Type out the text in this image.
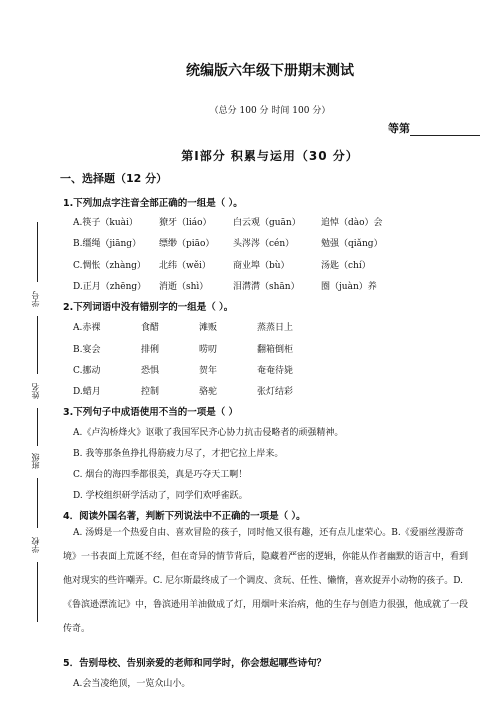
学号
姓名
班级
学校
统编版六年级下册期末测试
（总分 100 分 时间 100 分）
等第
第Ⅰ部分 积累与运用（30 分）
一、选择题（12 分）
1.下列加点字注音全部正确的一组是（ ）。
A.筷子（kuài） 獠牙（liáo） 白云观（guān） 追悼（dào）会
B.缰绳（jiāng） 缥缈（piāo） 头涔涔（cén）	勉强（qiǎng）
C.惆怅（zhàng） 北纬（wěi） 商业埠（bù）	汤匙（chí）
D.正月（zhēng） 消逝（shì）	泪潸潸（shān） 圈（juàn）养
2.下列词语中没有错别字的一组是（ ）。
A.赤裸	食醋	滩贩	蒸蒸日上
B.宴会	排俐	唠叨	翻箱倒柜
C.挪动	恐惧	贺年	奄奄待毙
D.蜡月	控制	骆驼	张灯结彩
3.下列句子中成语使用不当的一项是（ ）
A.《卢沟桥烽火》讴歌了我国军民齐心协力抗击侵略者的顽强精神。
B. 我等那条鱼挣扎得筋疲力尽了，才把它拉上岸来。
C. 烟台的海四季都很美，真是巧夺天工啊！
D. 学校组织研学活动了，同学们欢呼雀跃。
4．阅读外国名著，判断下列说法中不正确的一项是（ ）。
A. 汤姆是一个热爱自由、喜欢冒险的孩子，同时他又很有趣，还有点儿虚荣心。B.《爱丽丝漫游奇境》一书表面上荒诞不经，但在奇异的情节背后，隐藏着严密的逻辑，你能从作者幽默的语言中，看到他对现实的些许嘲弄。C. 尼尔斯最终成了一个调皮、贪玩、任性、懒惰，喜欢捉弄小动物的孩子。D.《鲁滨逊漂流记》中，鲁滨逊用羊油做成了灯，用烟叶来治病，他的生存与创造力很强，他成就了一段传奇。
5．告别母校、告别亲爱的老师和同学时，你会想起哪些诗句？
A.会当凌绝顶，一览众山小。
